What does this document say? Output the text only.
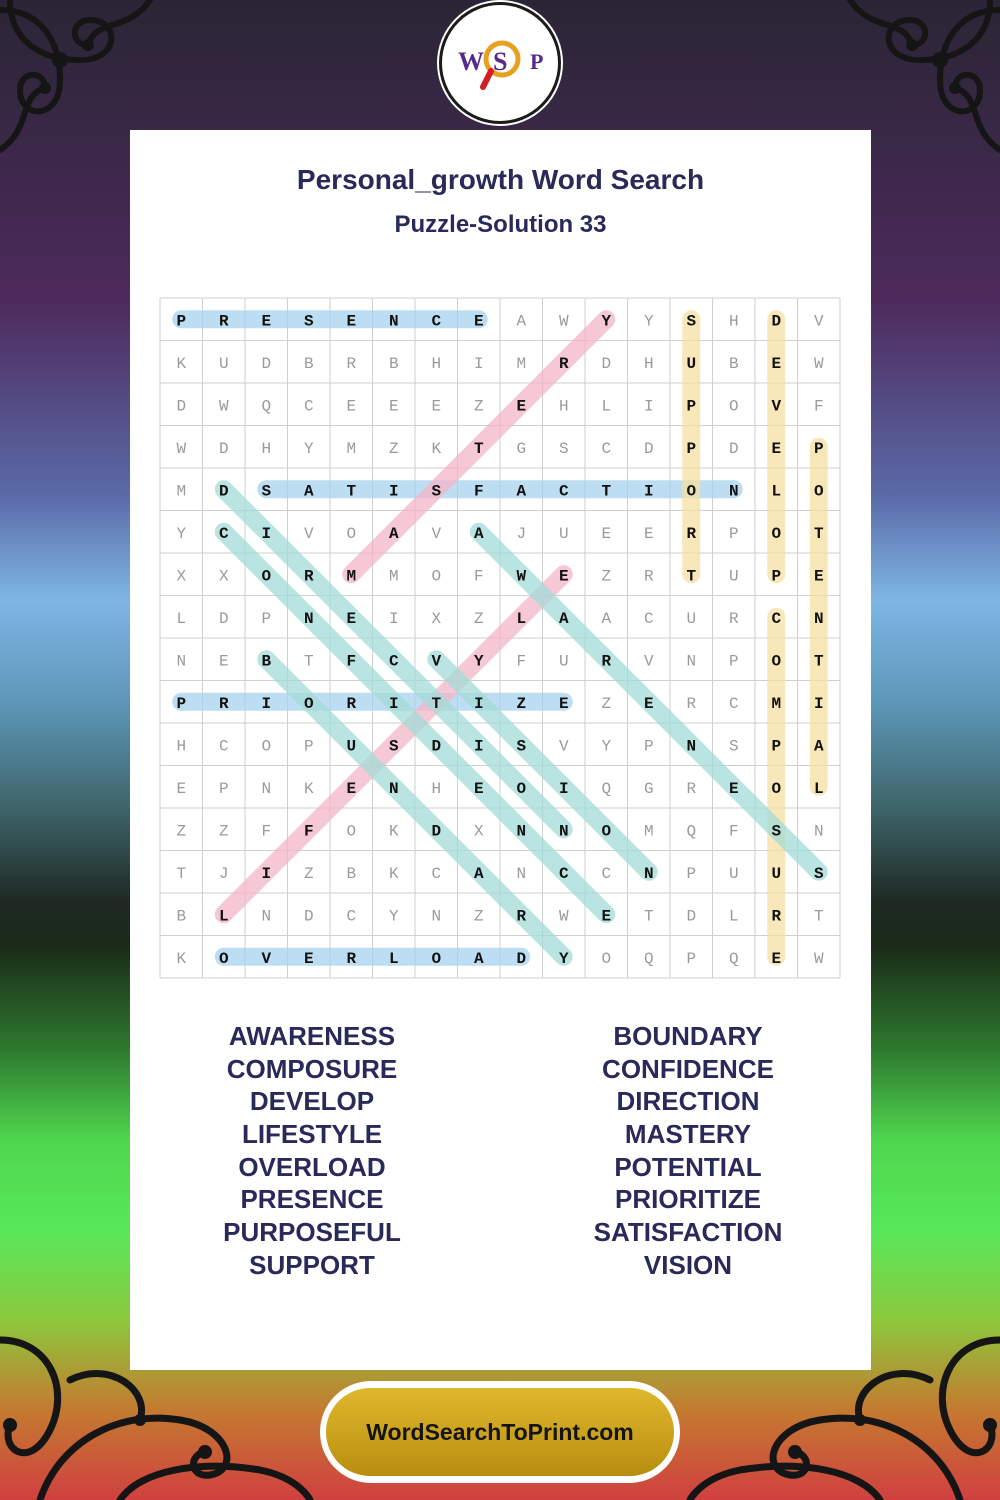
W S P
Personal_growth Word Search
Puzzle-Solution 33
P R E S E N C E A W Y Y S H D V
K U D B R B H I M R D H U B E W
D W Q C E E E Z E H L I P O V F
W D H Y M Z K T G S C D P D E P
M D S A T I S F A C T I O N L O
Y C I V O A V A J U E E R P O T
X X O R M M O F W E Z R T U P E
L D P N E I X Z L A A C U R C N
N E B T F C V Y F U R V N P O T
P R I O R I T I Z E Z E R C M I
H C O P U S D I S V Y P N S P A
E P N K E N H E O I Q G R E O L
Z Z F F O K D X N N O M Q F S N
T J I Z B K C A N C C N P U U S
B L N D C Y N Z R W E T D L R T
K O V E R L O A D Y O Q P Q E W
AWARENESS
COMPOSURE
DEVELOP
LIFESTYLE
OVERLOAD
PRESENCE
PURPOSEFUL
SUPPORT
BOUNDARY
CONFIDENCE
DIRECTION
MASTERY
POTENTIAL
PRIORITIZE
SATISFACTION
VISION
WordSearchToPrint.com
